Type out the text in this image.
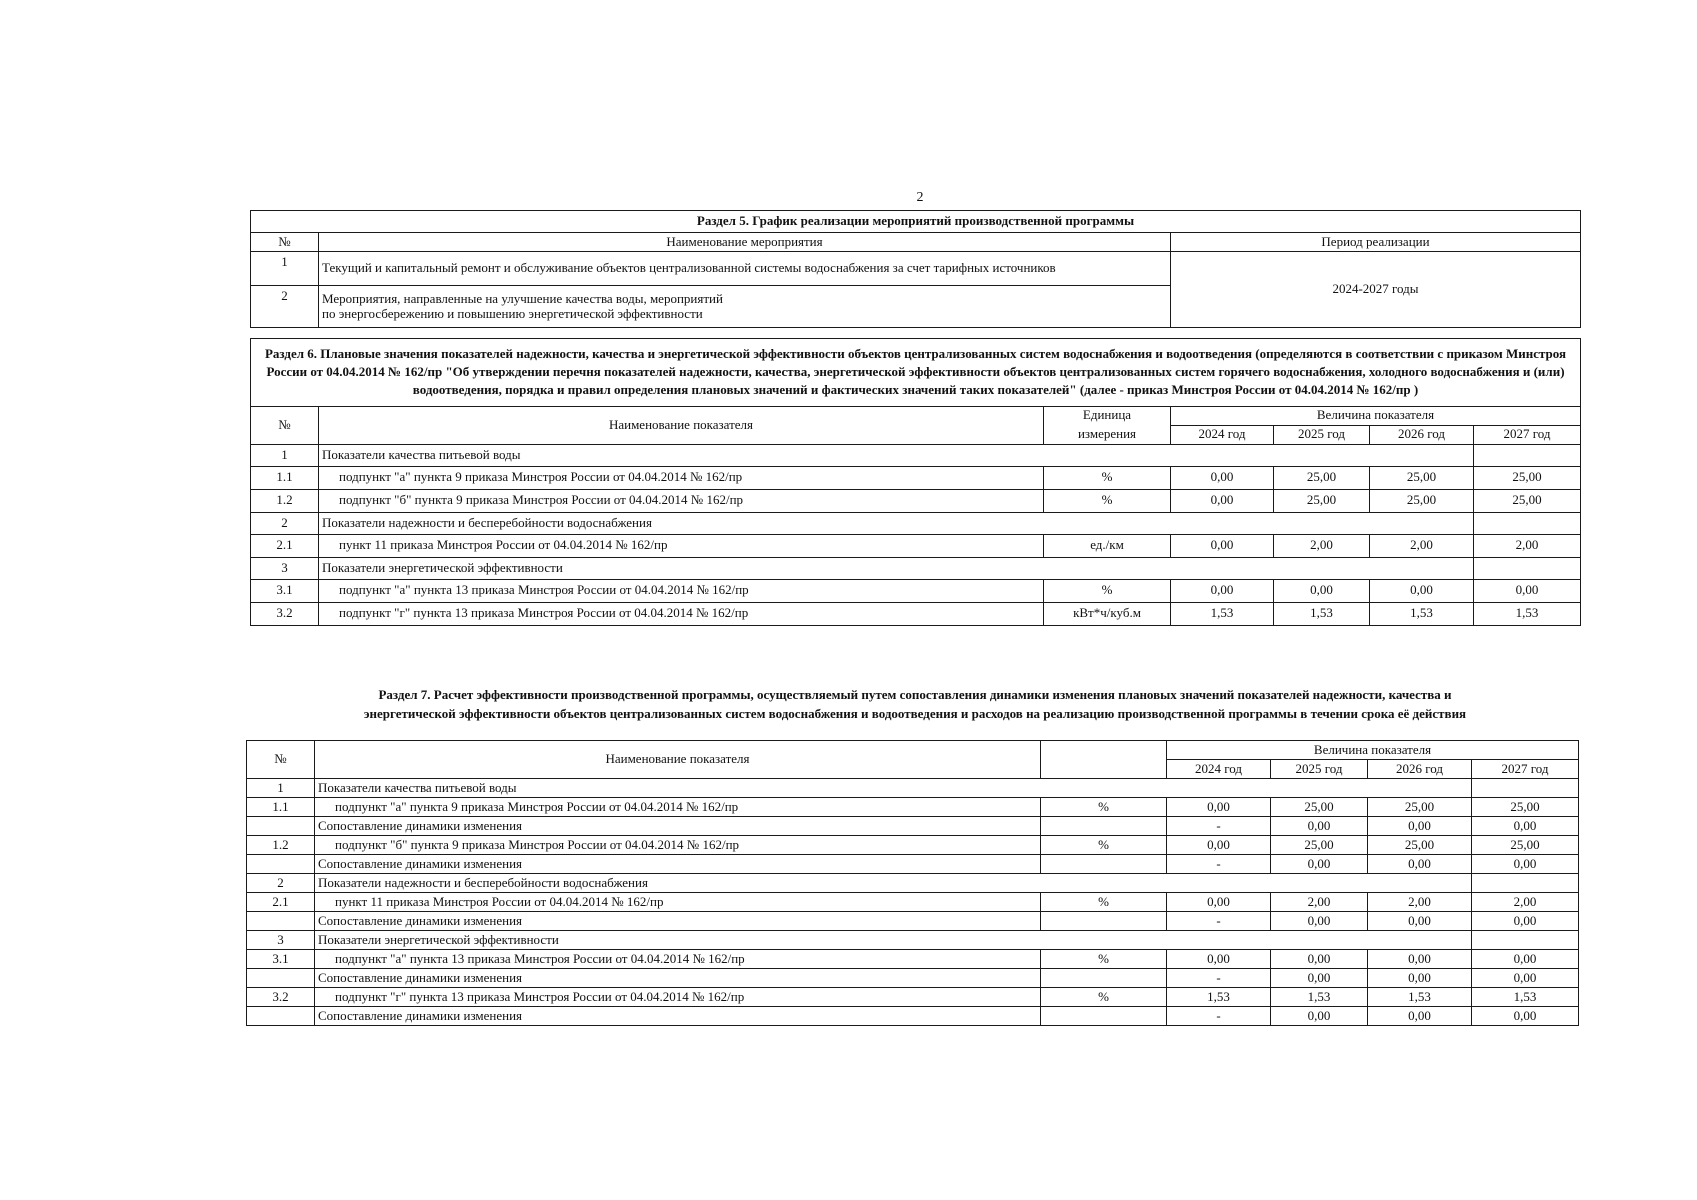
2
Раздел 5. График реализации мероприятий производственной программы		
№	Наименование мероприятия	Период реализации
1	Текущий и капитальный ремонт и обслуживание объектов централизованной системы водоснабжения за счет тарифных источников	2024-2027 годы
2	Мероприятия, направленные на улучшение качества воды, мероприятий
по энергосбережению и повышению энергетической эффективности	
Раздел 6. Плановые значения показателей надежности, качества и энергетической эффективности объектов централизованных систем водоснабжения и водоотведения (определяются в соответствии с приказом Минстроя России от 04.04.2014 № 162/пр "Об утверждении перечня показателей надежности, качества, энергетической эффективности объектов централизованных систем горячего водоснабжения, холодного водоснабжения и (или) водоотведения, порядка и правил определения плановых значений и фактических значений таких показателей" (далее - приказ Минстроя России от 04.04.2014 № 162/пр )						
№	Наименование показателя	Единица	Величина показателя			
		измерения	2024 год	2025 год	2026 год	2027 год
1	Показатели качества питьевой воды					
1.1	подпункт "а" пункта 9 приказа Минстроя России от 04.04.2014 № 162/пр	%	0,00	25,00	25,00	25,00
1.2	подпункт "б" пункта 9 приказа Минстроя России от 04.04.2014 № 162/пр	%	0,00	25,00	25,00	25,00
2	Показатели надежности и бесперебойности водоснабжения					
2.1	пункт 11 приказа Минстроя России от 04.04.2014 № 162/пр	ед./км	0,00	2,00	2,00	2,00
3	Показатели энергетической эффективности					
3.1	подпункт "а" пункта 13 приказа Минстроя России от 04.04.2014 № 162/пр	%	0,00	0,00	0,00	0,00
3.2	подпункт "г" пункта 13 приказа Минстроя России от 04.04.2014 № 162/пр	кВт*ч/куб.м	1,53	1,53	1,53	1,53
Раздел 7. Расчет эффективности производственной программы, осуществляемый путем сопоставления динамики изменения плановых значений показателей надежности, качества и
энергетической эффективности объектов централизованных систем водоснабжения и водоотведения и расходов на реализацию производственной программы в течении срока её действия
№	Наименование показателя		Величина показателя			
			2024 год	2025 год	2026 год	2027 год
1	Показатели качества питьевой воды					
1.1	подпункт "а" пункта 9 приказа Минстроя России от 04.04.2014 № 162/пр	%	0,00	25,00	25,00	25,00
	Сопоставление динамики изменения		-	0,00	0,00	0,00
1.2	подпункт "б" пункта 9 приказа Минстроя России от 04.04.2014 № 162/пр	%	0,00	25,00	25,00	25,00
	Сопоставление динамики изменения		-	0,00	0,00	0,00
2	Показатели надежности и бесперебойности водоснабжения					
2.1	пункт 11 приказа Минстроя России от 04.04.2014 № 162/пр	%	0,00	2,00	2,00	2,00
	Сопоставление динамики изменения		-	0,00	0,00	0,00
3	Показатели энергетической эффективности					
3.1	подпункт "а" пункта 13 приказа Минстроя России от 04.04.2014 № 162/пр	%	0,00	0,00	0,00	0,00
	Сопоставление динамики изменения		-	0,00	0,00	0,00
3.2	подпункт "г" пункта 13 приказа Минстроя России от 04.04.2014 № 162/пр	%	1,53	1,53	1,53	1,53
	Сопоставление динамики изменения		-	0,00	0,00	0,00
